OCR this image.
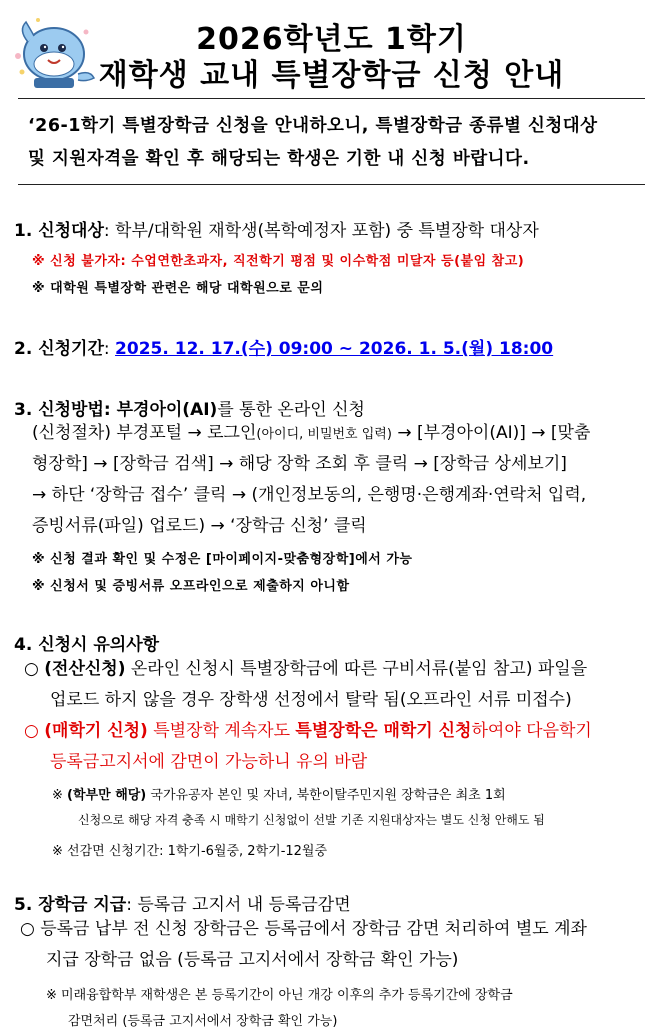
2026학년도 1학기
재학생 교내 특별장학금 신청 안내
‘26-1학기 특별장학금 신청을 안내하오니, 특별장학금 종류별 신청대상
및 지원자격을 확인 후 해당되는 학생은 기한 내 신청 바랍니다.
1. 신청대상: 학부/대학원 재학생(복학예정자 포함) 중 특별장학 대상자
※ 신청 불가자: 수업연한초과자, 직전학기 평점 및 이수학점 미달자 등(붙임 참고)
※ 대학원 특별장학 관련은 해당 대학원으로 문의
2. 신청기간: 2025. 12. 17.(수) 09:00 ~ 2026. 1. 5.(월) 18:00
3. 신청방법: 부경아이(AI)를 통한 온라인 신청
(신청절차) 부경포털 → 로그인(아이디, 비밀번호 입력) → [부경아이(AI)] → [맞춤
형장학] → [장학금 검색] → 해당 장학 조회 후 클릭 → [장학금 상세보기]
→ 하단 ‘장학금 접수’ 클릭 → (개인정보동의, 은행명·은행계좌·연락처 입력,
증빙서류(파일) 업로드) → ‘장학금 신청’ 클릭
※ 신청 결과 확인 및 수정은 [마이페이지-맞춤형장학]에서 가능
※ 신청서 및 증빙서류 오프라인으로 제출하지 아니함
4. 신청시 유의사항
○ (전산신청) 온라인 신청시 특별장학금에 따른 구비서류(붙임 참고) 파일을
업로드 하지 않을 경우 장학생 선정에서 탈락 됨(오프라인 서류 미접수)
○ (매학기 신청) 특별장학 계속자도 특별장학은 매학기 신청하여야 다음학기
등록금고지서에 감면이 가능하니 유의 바람
※ (학부만 해당) 국가유공자 본인 및 자녀, 북한이탈주민지원 장학금은 최초 1회
신청으로 해당 자격 충족 시 매학기 신청없이 선발 기존 지원대상자는 별도 신청 안해도 됨
※ 선감면 신청기간: 1학기-6월중, 2학기-12월중
5. 장학금 지급: 등록금 고지서 내 등록금감면
○ 등록금 납부 전 신청 장학금은 등록금에서 장학금 감면 처리하여 별도 계좌
지급 장학금 없음 (등록금 고지서에서 장학금 확인 가능)
※ 미래융합학부 재학생은 본 등록기간이 아닌 개강 이후의 추가 등록기간에 장학금
감면처리 (등록금 고지서에서 장학금 확인 가능)
